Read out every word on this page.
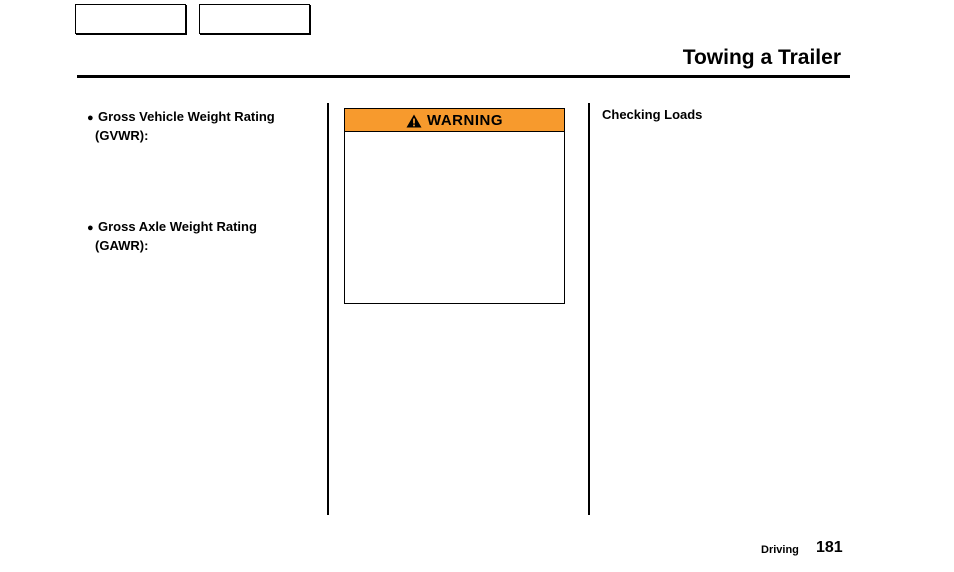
Towing a Trailer
● Gross Vehicle Weight Rating
(GVWR):
● Gross Axle Weight Rating
(GAWR):
WARNING	Checking Loads
Driving 181
